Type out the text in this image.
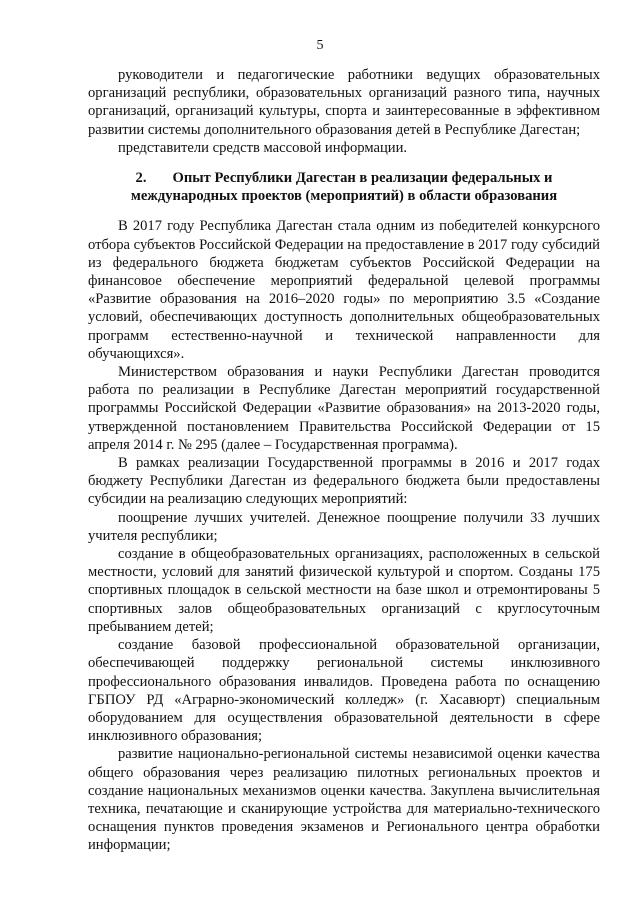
5

руководители и педагогические работники ведущих образовательных организаций республики, образовательных организаций разного типа, научных организаций, организаций культуры, спорта и заинтересованные в эффективном развитии системы дополнительного образования детей в Республике Дагестан;

представители средств массовой информации.

2. Опыт Республики Дагестан в реализации федеральных и международных проектов (мероприятий) в области образования

В 2017 году Республика Дагестан стала одним из победителей конкурсного отбора субъектов Российской Федерации на предоставление в 2017 году субсидий из федерального бюджета бюджетам субъектов Российской Федерации на финансовое обеспечение мероприятий федеральной целевой программы «Развитие образования на 2016–2020 годы» по мероприятию 3.5 «Создание условий, обеспечивающих доступность дополнительных общеобразовательных программ естественно-научной и технической направленности для обучающихся».

Министерством образования и науки Республики Дагестан проводится работа по реализации в Республике Дагестан мероприятий государственной программы Российской Федерации «Развитие образования» на 2013-2020 годы, утвержденной постановлением Правительства Российской Федерации от 15 апреля 2014 г. № 295 (далее – Государственная программа).

В рамках реализации Государственной программы в 2016 и 2017 годах бюджету Республики Дагестан из федерального бюджета были предоставлены субсидии на реализацию следующих мероприятий:

поощрение лучших учителей. Денежное поощрение получили 33 лучших учителя республики;

создание в общеобразовательных организациях, расположенных в сельской местности, условий для занятий физической культурой и спортом. Созданы 175 спортивных площадок в сельской местности на базе школ и отремонтированы 5 спортивных залов общеобразовательных организаций с круглосуточным пребыванием детей;

создание базовой профессиональной образовательной организации, обеспечивающей поддержку региональной системы инклюзивного профессионального образования инвалидов. Проведена работа по оснащению ГБПОУ РД «Аграрно-экономический колледж» (г. Хасавюрт) специальным оборудованием для осуществления образовательной деятельности в сфере инклюзивного образования;

развитие национально-региональной системы независимой оценки качества общего образования через реализацию пилотных региональных проектов и создание национальных механизмов оценки качества. Закуплена вычислительная техника, печатающие и сканирующие устройства для материально-технического оснащения пунктов проведения экзаменов и Регионального центра обработки информации;
